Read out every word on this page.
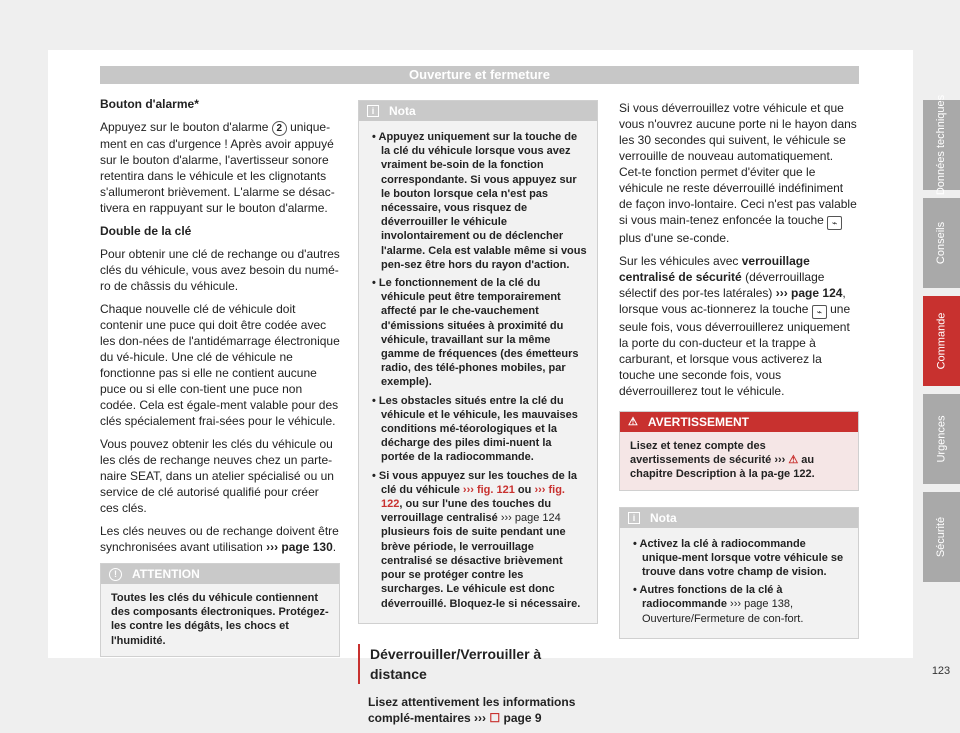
Ouverture et fermeture

Bouton d'alarme*

Appuyez sur le bouton d'alarme 2 unique-ment en cas d'urgence ! Après avoir appuyé sur le bouton d'alarme, l'avertisseur sonore retentira dans le véhicule et les clignotants s'allumeront brièvement. L'alarme se désac-tivera en rappuyant sur le bouton d'alarme.

Double de la clé

Pour obtenir une clé de rechange ou d'autres clés du véhicule, vous avez besoin du numé-ro de châssis du véhicule.

Chaque nouvelle clé de véhicule doit contenir une puce qui doit être codée avec les don-nées de l'antidémarrage électronique du vé-hicule. Une clé de véhicule ne fonctionne pas si elle ne contient aucune puce ou si elle con-tient une puce non codée. Cela est égale-ment valable pour des clés spécialement frai-sées pour le véhicule.

Vous pouvez obtenir les clés du véhicule ou les clés de rechange neuves chez un parte-naire SEAT, dans un atelier spécialisé ou un service de clé autorisé qualifié pour créer ces clés.

Les clés neuves ou de rechange doivent être synchronisées avant utilisation ››› page 130.

!	ATTENTION
Toutes les clés du véhicule contiennent des composants électroniques. Protégez-les contre les dégâts, les chocs et l'humidité.
i	Nota
• Appuyez uniquement sur la touche de la clé du véhicule lorsque vous avez vraiment be-soin de la fonction correspondante. Si vous appuyez sur le bouton lorsque cela n'est pas nécessaire, vous risquez de déverrouiller le véhicule involontairement ou de déclencher l'alarme. Cela est valable même si vous pen-sez être hors du rayon d'action.
• Le fonctionnement de la clé du véhicule peut être temporairement affecté par le che-vauchement d'émissions situées à proximité du véhicule, travaillant sur la même gamme de fréquences (des émetteurs radio, des télé-phones mobiles, par exemple).
• Les obstacles situés entre la clé du véhicule et le véhicule, les mauvaises conditions mé-téorologiques et la décharge des piles dimi-nuent la portée de la radiocommande.
• Si vous appuyez sur les touches de la clé du véhicule ››› fig. 121 ou ››› fig. 122, ou sur l'une des touches du verrouillage centralisé ››› page 124 plusieurs fois de suite pendant une brève période, le verrouillage centralisé se désactive brièvement pour se protéger contre les surcharges. Le véhicule est donc déverrouillé. Bloquez-le si nécessaire.
Déverrouiller/Verrouiller à distance

Lisez attentivement les informations complé-mentaires ››› ☐ page 9

Si vous déverrouillez votre véhicule et que vous n'ouvrez aucune porte ni le hayon dans les 30 secondes qui suivent, le véhicule se verrouille de nouveau automatiquement. Cet-te fonction permet d'éviter que le véhicule ne reste déverrouillé indéfiniment de façon invo-lontaire. Ceci n'est pas valable si vous main-tenez enfoncée la touche ⌁ plus d'une se-conde.

Sur les véhicules avec verrouillage centralisé de sécurité (déverrouillage sélectif des por-tes latérales) ››› page 124, lorsque vous ac-tionnerez la touche ⌁ une seule fois, vous déverrouillerez uniquement la porte du con-ducteur et la trappe à carburant, et lorsque vous activerez la touche une seconde fois, vous déverrouillerez tout le véhicule.

⚠ AVERTISSEMENT
Lisez et tenez compte des avertissements de sécurité ››› ⚠ au chapitre Description à la pa-ge 122.
i	Nota
• Activez la clé à radiocommande unique-ment lorsque votre véhicule se trouve dans votre champ de vision.
• Autres fonctions de la clé à radiocommande ››› page 138, Ouverture/Fermeture de con-fort.
Données techniques
Conseils
Commande
Urgences
Sécurité
123
